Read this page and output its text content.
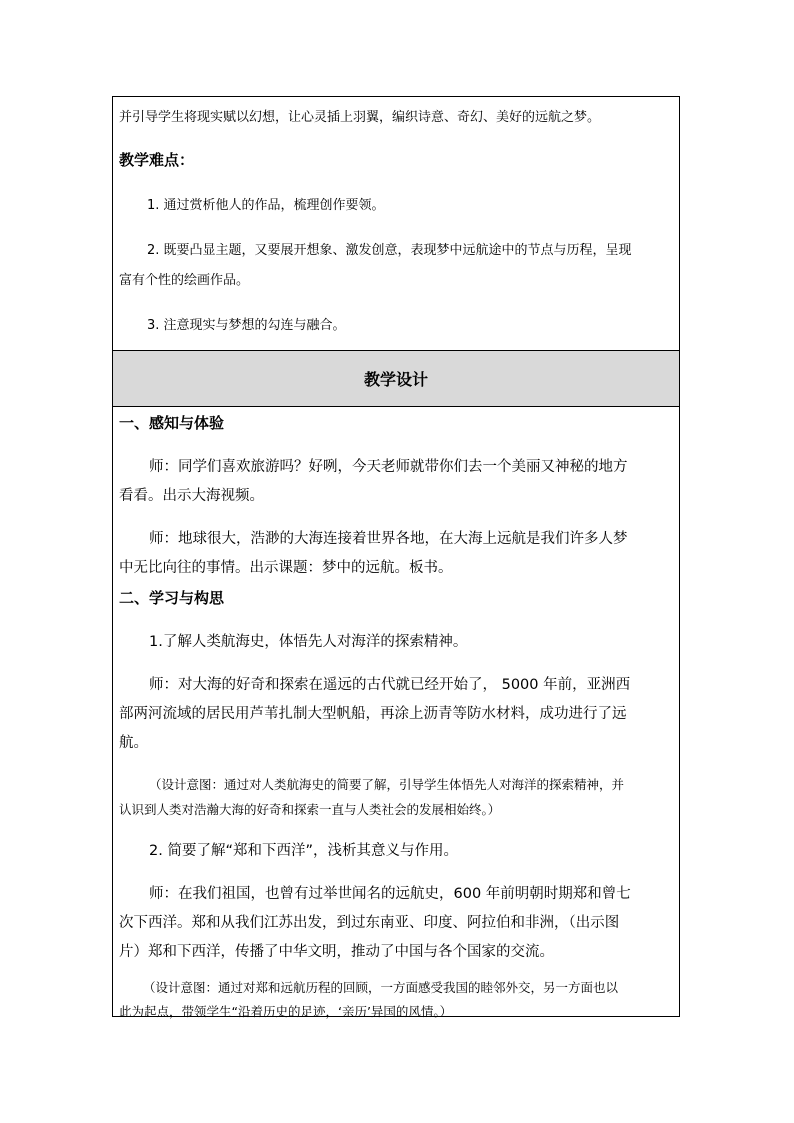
并引导学生将现实赋以幻想，让心灵插上羽翼，编织诗意、奇幻、美好的远航之梦。
教学难点：
1. 通过赏析他人的作品，梳理创作要领。
2. 既要凸显主题，又要展开想象、激发创意，表现梦中远航途中的节点与历程，呈现
富有个性的绘画作品。
3. 注意现实与梦想的勾连与融合。
教学设计
一、感知与体验
师：同学们喜欢旅游吗？好咧，今天老师就带你们去一个美丽又神秘的地方
看看。出示大海视频。
师：地球很大，浩渺的大海连接着世界各地，在大海上远航是我们许多人梦
中无比向往的事情。出示课题：梦中的远航。板书。
二、学习与构思
1.了解人类航海史，体悟先人对海洋的探索精神。
师：对大海的好奇和探索在遥远的古代就已经开始了， 5000 年前，亚洲西
部两河流域的居民用芦苇扎制大型帆船，再涂上沥青等防水材料，成功进行了远
航。
（设计意图：通过对人类航海史的简要了解，引导学生体悟先人对海洋的探索精神，并
认识到人类对浩瀚大海的好奇和探索一直与人类社会的发展相始终。）
2. 简要了解“郑和下西洋”，浅析其意义与作用。
师：在我们祖国，也曾有过举世闻名的远航史，600 年前明朝时期郑和曾七
次下西洋。郑和从我们江苏出发，到过东南亚、印度、阿拉伯和非洲，（出示图
片）郑和下西洋，传播了中华文明，推动了中国与各个国家的交流。
（设计意图：通过对郑和远航历程的回顾，一方面感受我国的睦邻外交，另一方面也以
此为起点，带领学生“沿着历史的足迹，‘亲历’异国的风情。）
